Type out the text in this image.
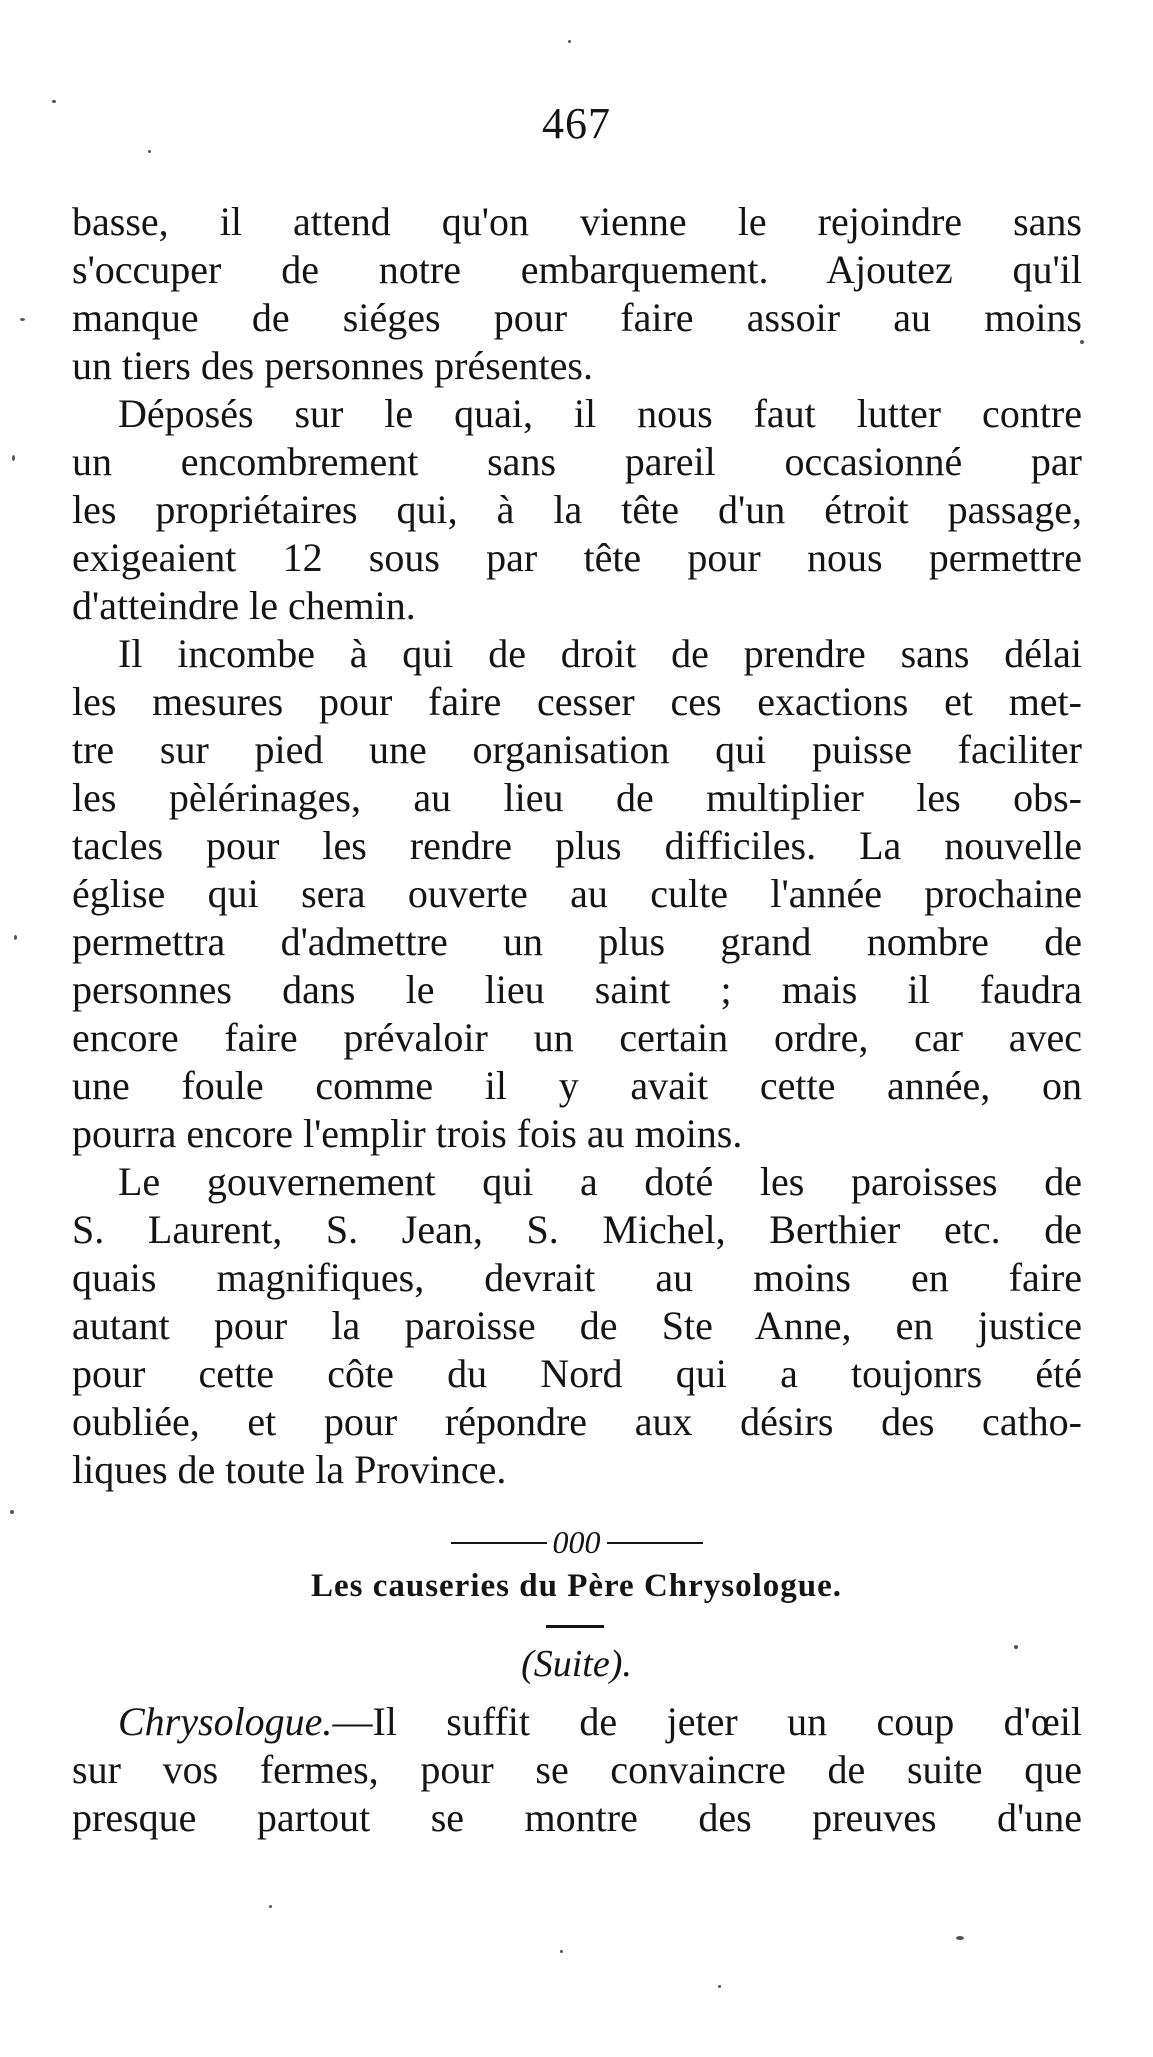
467
basse, il attend qu'on vienne le rejoindre sans
s'occuper de notre embarquement. Ajoutez qu'il
manque de siéges pour faire assoir au moins
un tiers des personnes présentes.
Déposés sur le quai, il nous faut lutter contre
un encombrement sans pareil occasionné par
les propriétaires qui, à la tête d'un étroit passage,
exigeaient 12 sous par tête pour nous permettre
d'atteindre le chemin.
Il incombe à qui de droit de prendre sans délai
les mesures pour faire cesser ces exactions et met-
tre sur pied une organisation qui puisse faciliter
les pèlérinages, au lieu de multiplier les obs-
tacles pour les rendre plus difficiles. La nouvelle
église qui sera ouverte au culte l'année prochaine
permettra d'admettre un plus grand nombre de
personnes dans le lieu saint ; mais il faudra
encore faire prévaloir un certain ordre, car avec
une foule comme il y avait cette année, on
pourra encore l'emplir trois fois au moins.
Le gouvernement qui a doté les paroisses de
S. Laurent, S. Jean, S. Michel, Berthier etc. de
quais magnifiques, devrait au moins en faire
autant pour la paroisse de Ste Anne, en justice
pour cette côte du Nord qui a toujonrs été
oubliée, et pour répondre aux désirs des catho-
liques de toute la Province.
000
Les causeries du Père Chrysologue.
(Suite).
Chrysologue.—Il suffit de jeter un coup d'œil
sur vos fermes, pour se convaincre de suite que
presque partout se montre des preuves d'une
